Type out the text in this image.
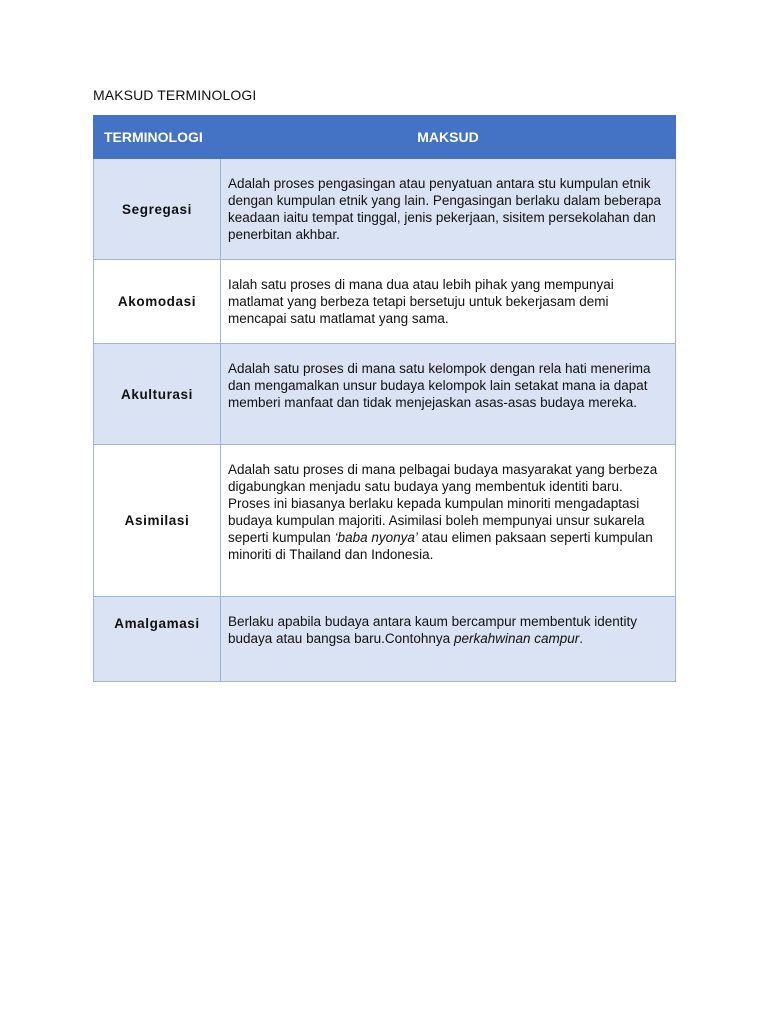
MAKSUD TERMINOLOGI
TERMINOLOGI	MAKSUD
Segregasi	Adalah proses pengasingan atau penyatuan antara stu kumpulan etnik dengan kumpulan etnik yang lain. Pengasingan berlaku dalam beberapa keadaan iaitu tempat tinggal, jenis pekerjaan, sisitem persekolahan dan penerbitan akhbar.
Akomodasi	Ialah satu proses di mana dua atau lebih pihak yang mempunyai matlamat yang berbeza tetapi bersetuju untuk bekerjasam demi mencapai satu matlamat yang sama.
Akulturasi	Adalah satu proses di mana satu kelompok dengan rela hati menerima dan mengamalkan unsur budaya kelompok lain setakat mana ia dapat memberi manfaat dan tidak menjejaskan asas-asas budaya mereka.
Asimilasi	Adalah satu proses di mana pelbagai budaya masyarakat yang berbeza digabungkan menjadu satu budaya yang membentuk identiti baru. Proses ini biasanya berlaku kepada kumpulan minoriti mengadaptasi budaya kumpulan majoriti. Asimilasi boleh mempunyai unsur sukarela seperti kumpulan ‘baba nyonya’ atau elimen paksaan seperti kumpulan minoriti di Thailand dan Indonesia.
Amalgamasi	Berlaku apabila budaya antara kaum bercampur membentuk identity budaya atau bangsa baru.Contohnya perkahwinan campur.
